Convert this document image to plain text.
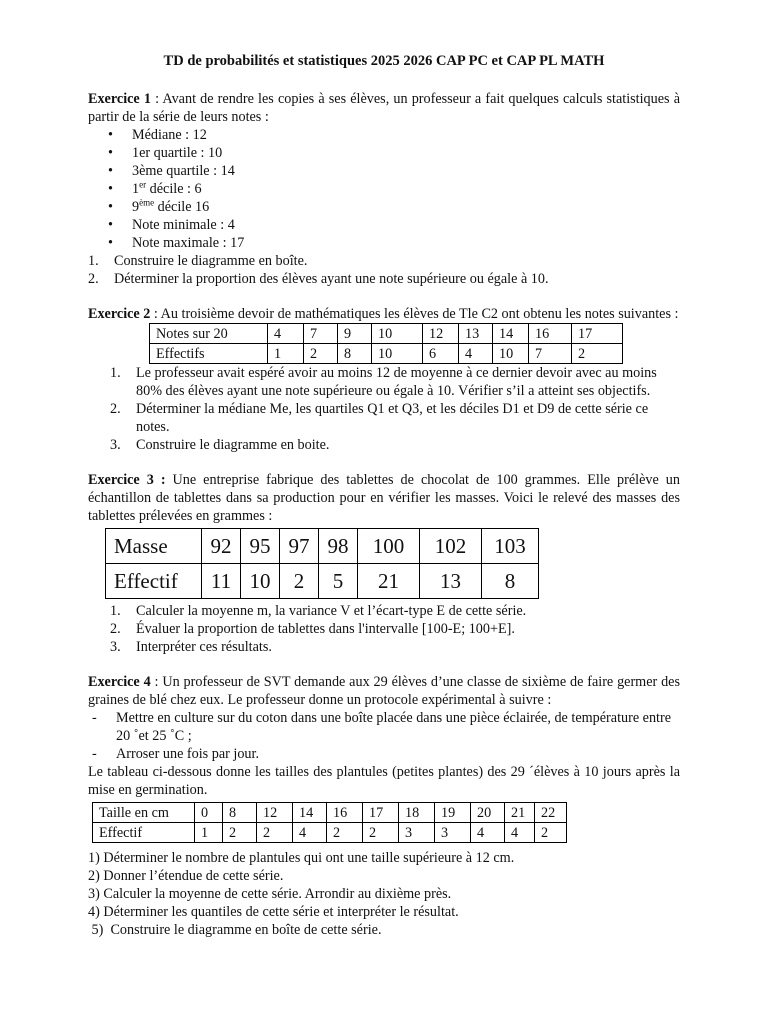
TD de probabilités et statistiques 2025 2026 CAP PC et CAP PL MATH

Exercice 1 : Avant de rendre les copies à ses élèves, un professeur a fait quelques calculs statistiques à partir de la série de leurs notes :

• Médiane : 12
• 1er quartile : 10
• 3ème quartile : 14
• 1er décile : 6
• 9ème décile 16
• Note minimale : 4
• Note maximale : 17
1. Construire le diagramme en boîte.
2. Déterminer la proportion des élèves ayant une note supérieure ou égale à 10.

Exercice 2 : Au troisième devoir de mathématiques les élèves de Tle C2 ont obtenu les notes suivantes :

Notes sur 20	4	7	9	10	12	13	14	16	17
Effectifs	1	2	8	10	6	4	10	7	2
1. Le professeur avait espéré avoir au moins 12 de moyenne à ce dernier devoir avec au moins 80% des élèves ayant une note supérieure ou égale à 10. Vérifier s’il a atteint ses objectifs.
2. Déterminer la médiane Me, les quartiles Q1 et Q3, et les déciles D1 et D9 de cette série ce notes.
3. Construire le diagramme en boite.

Exercice 3 : Une entreprise fabrique des tablettes de chocolat de 100 grammes. Elle prélève un échantillon de tablettes dans sa production pour en vérifier les masses. Voici le relevé des masses des tablettes prélevées en grammes :

Masse	92	95	97	98	100	102	103
Effectif	11	10	2	5	21	13	8
1. Calculer la moyenne m, la variance V et l’écart-type E de cette série.
2. Évaluer la proportion de tablettes dans l'intervalle [100-E; 100+E].
3. Interpréter ces résultats.

Exercice 4 : Un professeur de SVT demande aux 29 élèves d’une classe de sixième de faire germer des graines de blé chez eux. Le professeur donne un protocole expérimental à suivre :

- Mettre en culture sur du coton dans une boîte placée dans une pièce éclairée, de température entre 20 ˚et 25 ˚C ;
- Arroser une fois par jour.

Le tableau ci-dessous donne les tailles des plantules (petites plantes) des 29 ´élèves à 10 jours après la mise en germination.

Taille en cm	0	8	12	14	16	17	18	19	20	21	22
Effectif	1	2	2	4	2	2	3	3	4	4	2
1) Déterminer le nombre de plantules qui ont une taille supérieure à 12 cm.
2) Donner l’étendue de cette série.
3) Calculer la moyenne de cette série. Arrondir au dixième près.
4) Déterminer les quantiles de cette série et interpréter le résultat.
5)  Construire le diagramme en boîte de cette série.
